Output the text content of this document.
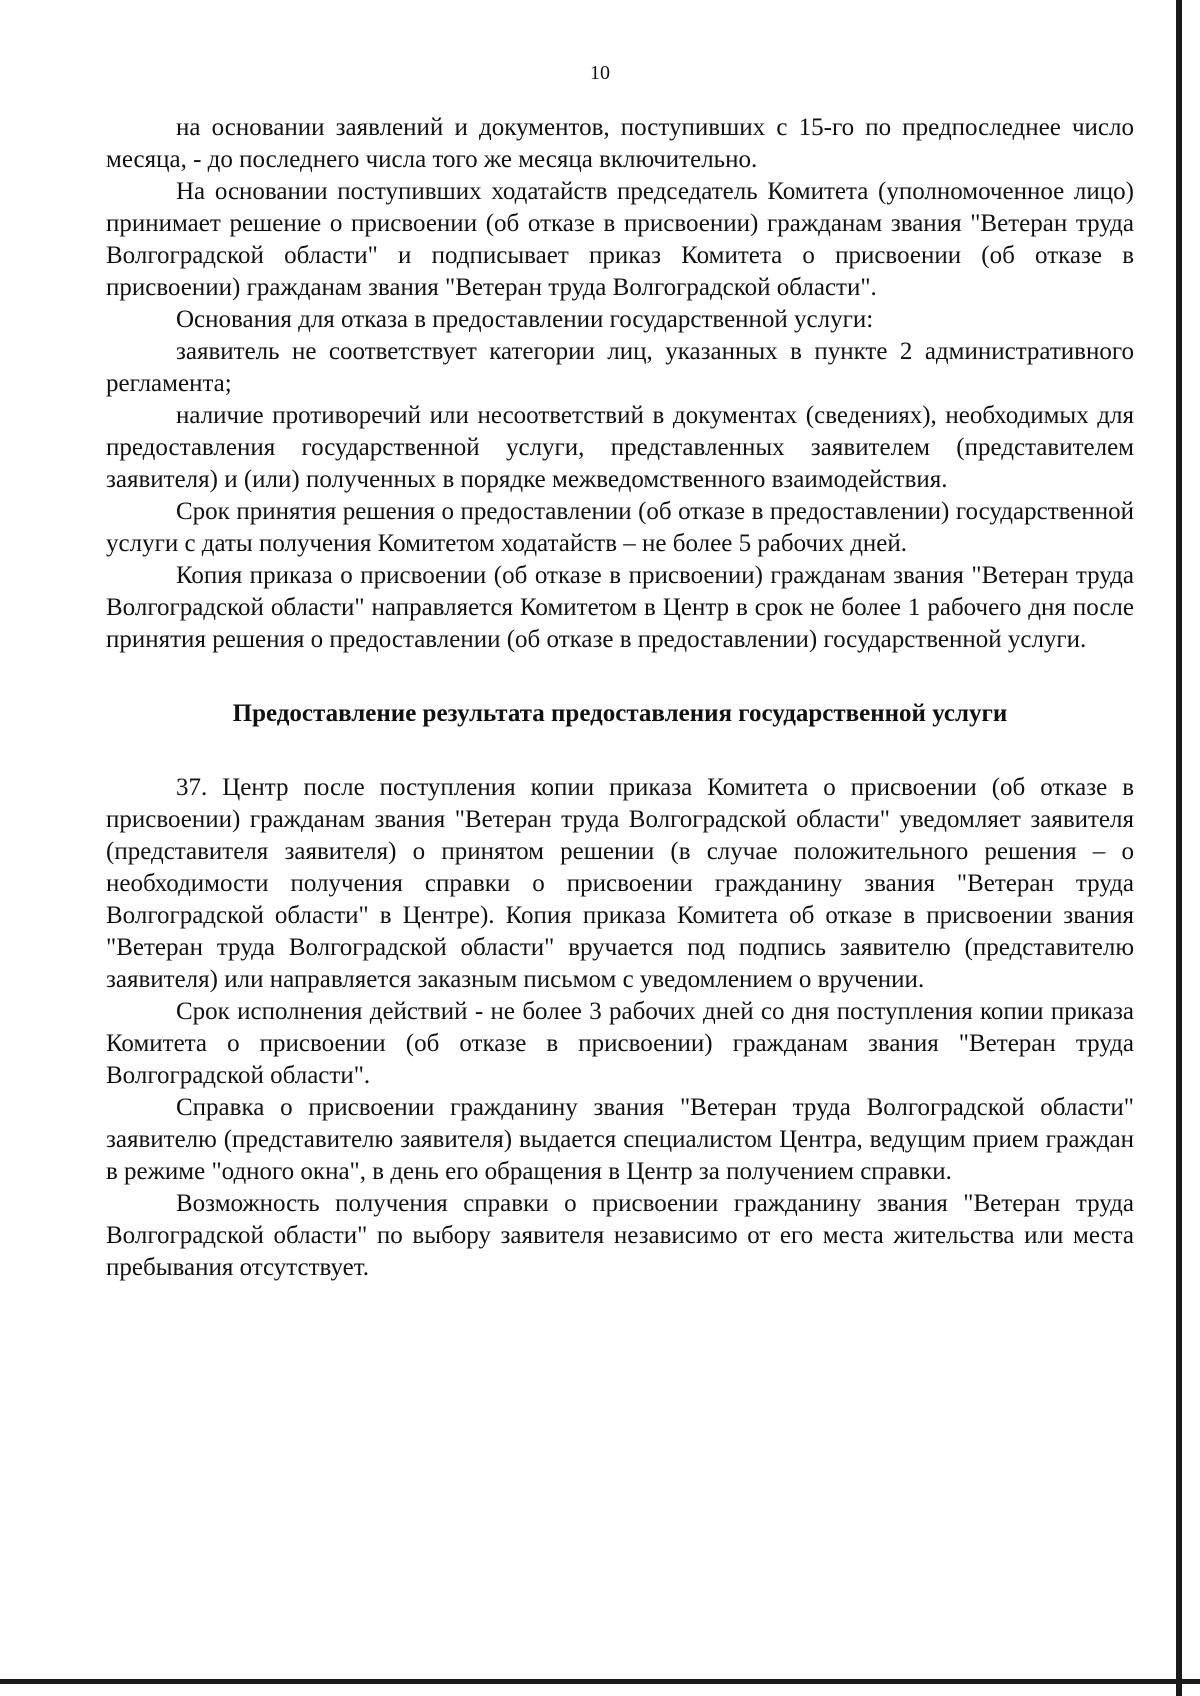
10

на основании заявлений и документов, поступивших с 15-го по предпоследнее число месяца, - до последнего числа того же месяца включительно.

На основании поступивших ходатайств председатель Комитета (уполномоченное лицо) принимает решение о присвоении (об отказе в присвоении) гражданам звания "Ветеран труда Волгоградской области" и подписывает приказ Комитета о присвоении (об отказе в присвоении) гражданам звания "Ветеран труда Волгоградской области".

Основания для отказа в предоставлении государственной услуги:

заявитель не соответствует категории лиц, указанных в пункте 2 административного регламента;

наличие противоречий или несоответствий в документах (сведениях), необходимых для предоставления государственной услуги, представленных заявителем (представителем заявителя) и (или) полученных в порядке межведомственного взаимодействия.

Срок принятия решения о предоставлении (об отказе в предоставлении) государственной услуги с даты получения Комитетом ходатайств – не более 5 рабочих дней.

Копия приказа о присвоении (об отказе в присвоении) гражданам звания "Ветеран труда Волгоградской области" направляется Комитетом в Центр в срок не более 1 рабочего дня после принятия решения о предоставлении (об отказе в предоставлении) государственной услуги.

Предоставление результата предоставления государственной услуги

37. Центр после поступления копии приказа Комитета о присвоении (об отказе в присвоении) гражданам звания "Ветеран труда Волгоградской области" уведомляет заявителя (представителя заявителя) о принятом решении (в случае положительного решения – о необходимости получения справки о присвоении гражданину звания "Ветеран труда Волгоградской области" в Центре). Копия приказа Комитета об отказе в присвоении звания "Ветеран труда Волгоградской области" вручается под подпись заявителю (представителю заявителя) или направляется заказным письмом с уведомлением о вручении.

Срок исполнения действий - не более 3 рабочих дней со дня поступления копии приказа Комитета о присвоении (об отказе в присвоении) гражданам звания "Ветеран труда Волгоградской области".

Справка о присвоении гражданину звания "Ветеран труда Волгоградской области" заявителю (представителю заявителя) выдается специалистом Центра, ведущим прием граждан в режиме "одного окна", в день его обращения в Центр за получением справки.

Возможность получения справки о присвоении гражданину звания "Ветеран труда Волгоградской области" по выбору заявителя независимо от его места жительства или места пребывания отсутствует.
